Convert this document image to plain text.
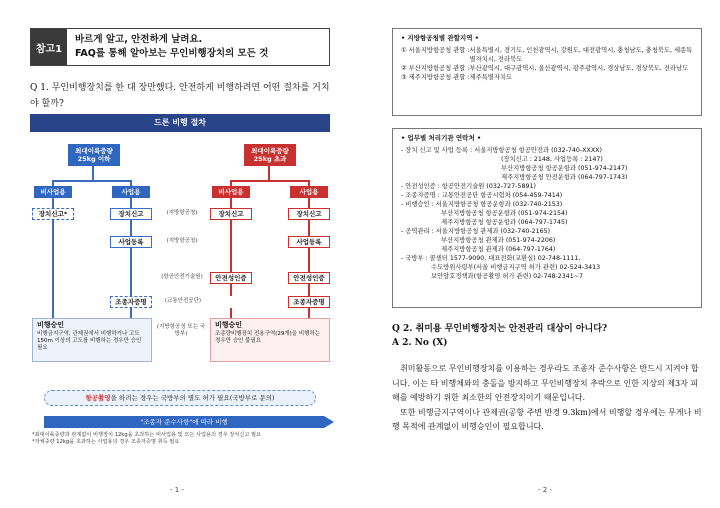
참고1
바르게 알고, 안전하게 날려요.
FAQ를 통해 알아보는 무인비행장치의 모든 것
Q 1. 무인비행장치를 한 대 장만했다. 안전하게 비행하려면 어떤 절차를 거치야 할까?
드론 비행 절차
최대이륙중량
25kg 이하
최대이륙중량
25kg 초과
비사업용	사업용	비사업용	사업용
장치신고*	장치신고	장치신고	장치신고
(지방항공청)
사업등록	사업등록
(지방항공청)
안전성인증	안전성인증
(항공안전기술원)
조종자증명	조종자증명
(교통안전공단)
비행승인
비행금지구역, 관제권에서 비행하거나 고도 150m 이상의 고도를 비행하는 경우만 승인 필요
(지방항공청 또는 국방부)
비행승인
조종량비행장치 전용구역(29개)을 비행하는 경우만 승인 불필요
항공촬영을 하려는 경우는 국방부의 별도 허가 필요(국방부로 문의)
"조종자 준수사항"에 따라 비행
*최대이륙중량과 관계없이 비행장치 12kg을 초과하는 비사업용 및 모든 사업용의 경우 장치신고 필요
*자체중량 12kg을 초과하는 사업용의 경우 조종자증명 취득 필요
- 1 -
• 지방항공청별 관할지역 •
① 서울지방항공청 관할 : 서울특별시, 경기도, 인천광역시, 강원도, 대전광역시, 충청남도, 충청북도, 세종특별자치시, 전라북도
② 부산지방항공청 관할 : 부산광역시, 대구광역시, 울산광역시, 광주광역시, 경상남도, 경상북도, 전라남도
③ 제주지방항공청 관할 : 제주특별자치도
• 업무별 처리기관 연락처 •
- 장치 신고 및 사업 등록 : 서울지방항공청 항공안전과 (032-740-XXXX)
(장치신고 : 2148, 사업등록 : 2147)
부산지방항공청 항공운항과 (051-974-2147)
제주지방항공청 안전운항과 (064-797-1743)
- 안전성인증 : 항공안전기술원 (032-727-5891)
- 조종자증명 : 교통안전공단 항공시험처 (054-459-7414)
- 비행승인 : 서울지방항공청 항공운항과 (032-740-2153)
부산지방항공청 항공운항과 (051-974-2154)
제주지방항공청 항공운항과 (064-797-1745)
- 공역관리 : 서울지방항공청 관제과 (032-740-2165)
부산지방항공청 관제과 (051-974-2206)
제주지방항공청 관제과 (064-797-1764)
- 국방부 : 콜센터 1577-9090, 대표전화(교환실) 02-748-1111,
수도방위사령부(서울 비행금지구역 허가 관련) 02-524-3413
보안암호정책과(항공촬영 허가 관련) 02-748-2341~7
Q 2. 취미용 무인비행장치는 안전관리 대상이 아니다?
A 2. No (X)

취미활동으로 무인비행장치를 이용하는 경우라도 조종자 준수사항은 반드시 지켜야 합니다. 이는 타 비행체와의 충돌을 방지하고 무인비행장치 추락으로 인한 지상의 제3자 피해를 예방하기 위한 최소한의 안전장치이기 때문입니다.

또한 비행금지구역이나 관제권(공항 주변 반경 9.3km)에서 비행할 경우에는 무게나 비행 목적에 관계없이 비행승인이 필요합니다.

- 2 -
